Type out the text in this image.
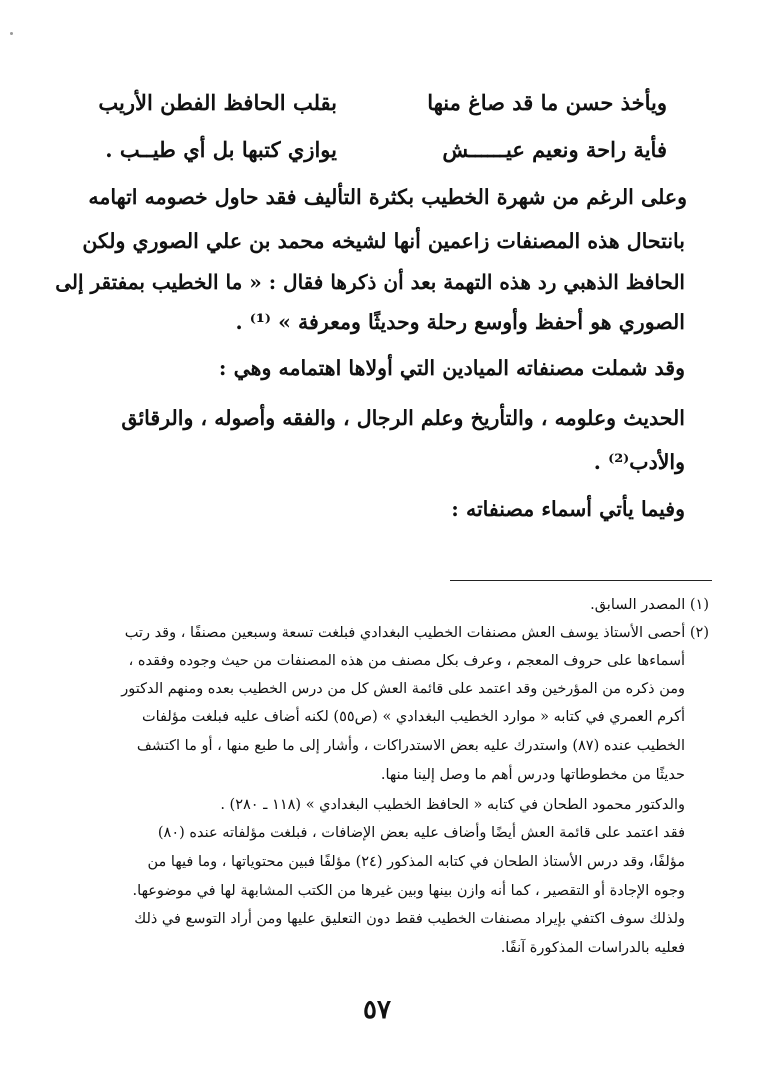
ويأخذ حسن ما قد صاغ منها
بقلب الحافظ الفطن الأريب
فأية راحة ونعيم عيــــــش
يوازي كتبها بل أي طيــب .
وعلى الرغم من شهرة الخطيب بكثرة التأليف فقد حاول خصومه اتهامه
بانتحال هذه المصنفات زاعمين أنها لشيخه محمد بن علي الصوري ولكن
الحافظ الذهبي رد هذه التهمة بعد أن ذكرها فقال : « ما الخطيب بمفتقر إلى
الصوري هو أحفظ وأوسع رحلة وحديثًا ومعرفة » ⁽¹⁾ .
وقد شملت مصنفاته الميادين التي أولاها اهتمامه وهي :
الحديث وعلومه ، والتأريخ وعلم الرجال ، والفقه وأصوله ، والرقائق
والأدب⁽²⁾ .
وفيما يأتي أسماء مصنفاته :
(١) المصدر السابق.
(٢) أحصى الأستاذ يوسف العش مصنفات الخطيب البغدادي فبلغت تسعة وسبعين مصنفًا ، وقد رتب
أسماءها على حروف المعجم ، وعرف بكل مصنف من هذه المصنفات من حيث وجوده وفقده ،
ومن ذكره من المؤرخين وقد اعتمد على قائمة العش كل من درس الخطيب بعده ومنهم الدكتور
أكرم العمري في كتابه « موارد الخطيب البغدادي » (ص٥٥) لكنه أضاف عليه فبلغت مؤلفات
الخطيب عنده (٨٧) واستدرك عليه بعض الاستدراكات ، وأشار إلى ما طبع منها ، أو ما اكتشف
حديثًا من مخطوطاتها ودرس أهم ما وصل إلينا منها.
والدكتور محمود الطحان في كتابه « الحافظ الخطيب البغدادي » (١١٨ ـ ٢٨٠) .
فقد اعتمد على قائمة العش أيضًا وأضاف عليه بعض الإضافات ، فبلغت مؤلفاته عنده (٨٠)
مؤلفًا، وقد درس الأستاذ الطحان في كتابه المذكور (٢٤) مؤلفًا فبين محتوياتها ، وما فيها من
وجوه الإجادة أو التقصير ، كما أنه وازن بينها وبين غيرها من الكتب المشابهة لها في موضوعها.
ولذلك سوف اكتفي بإيراد مصنفات الخطيب فقط دون التعليق عليها ومن أراد التوسع في ذلك
فعليه بالدراسات المذكورة آنفًا.
٥٧
